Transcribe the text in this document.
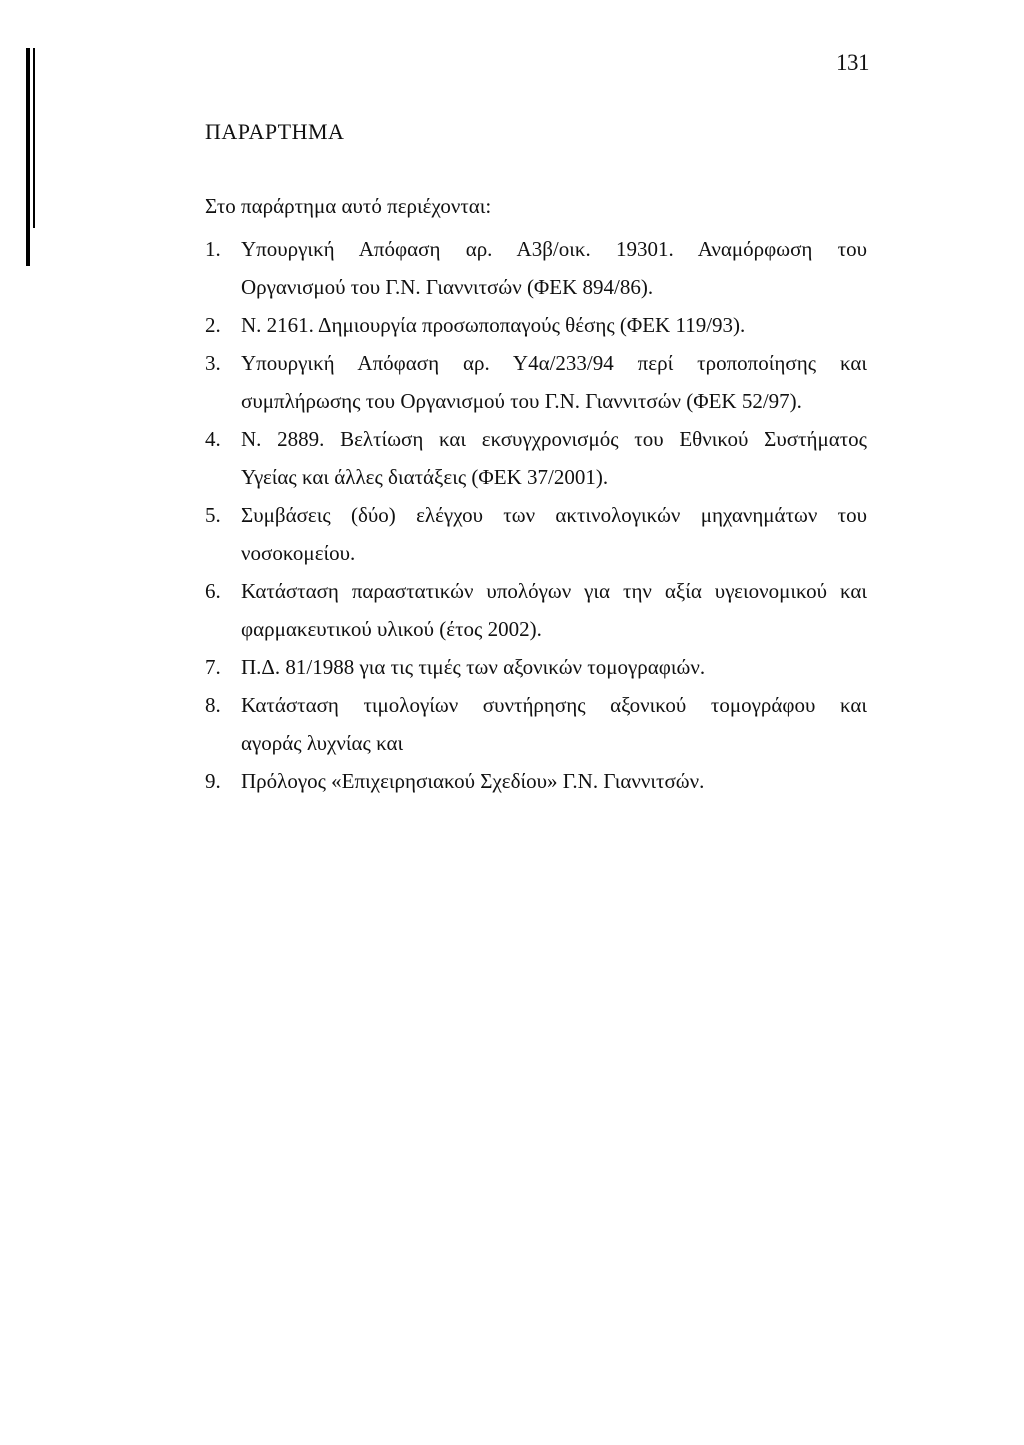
131
ΠΑΡΑΡΤΗΜΑ
Στο παράρτημα αυτό περιέχονται:
1. Υπουργική Απόφαση αρ. Α3β/οικ. 19301. Αναμόρφωση του
Οργανισμού του Γ.Ν. Γιαννιτσών (ΦΕΚ 894/86).
2. Ν. 2161. Δημιουργία προσωποπαγούς θέσης (ΦΕΚ 119/93).
3. Υπουργική Απόφαση αρ. Υ4α/233/94 περί τροποποίησης και
συμπλήρωσης του Οργανισμού του Γ.Ν. Γιαννιτσών (ΦΕΚ 52/97).
4. Ν. 2889. Βελτίωση και εκσυγχρονισμός του Εθνικού Συστήματος
Υγείας και άλλες διατάξεις (ΦΕΚ 37/2001).
5. Συμβάσεις (δύο) ελέγχου των ακτινολογικών μηχανημάτων του
νοσοκομείου.
6. Κατάσταση παραστατικών υπολόγων για την αξία υγειονομικού και
φαρμακευτικού υλικού (έτος 2002).
7. Π.Δ. 81/1988 για τις τιμές των αξονικών τομογραφιών.
8. Κατάσταση τιμολογίων συντήρησης αξονικού τομογράφου και
αγοράς λυχνίας και
9. Πρόλογος «Επιχειρησιακού Σχεδίου» Γ.Ν. Γιαννιτσών.
